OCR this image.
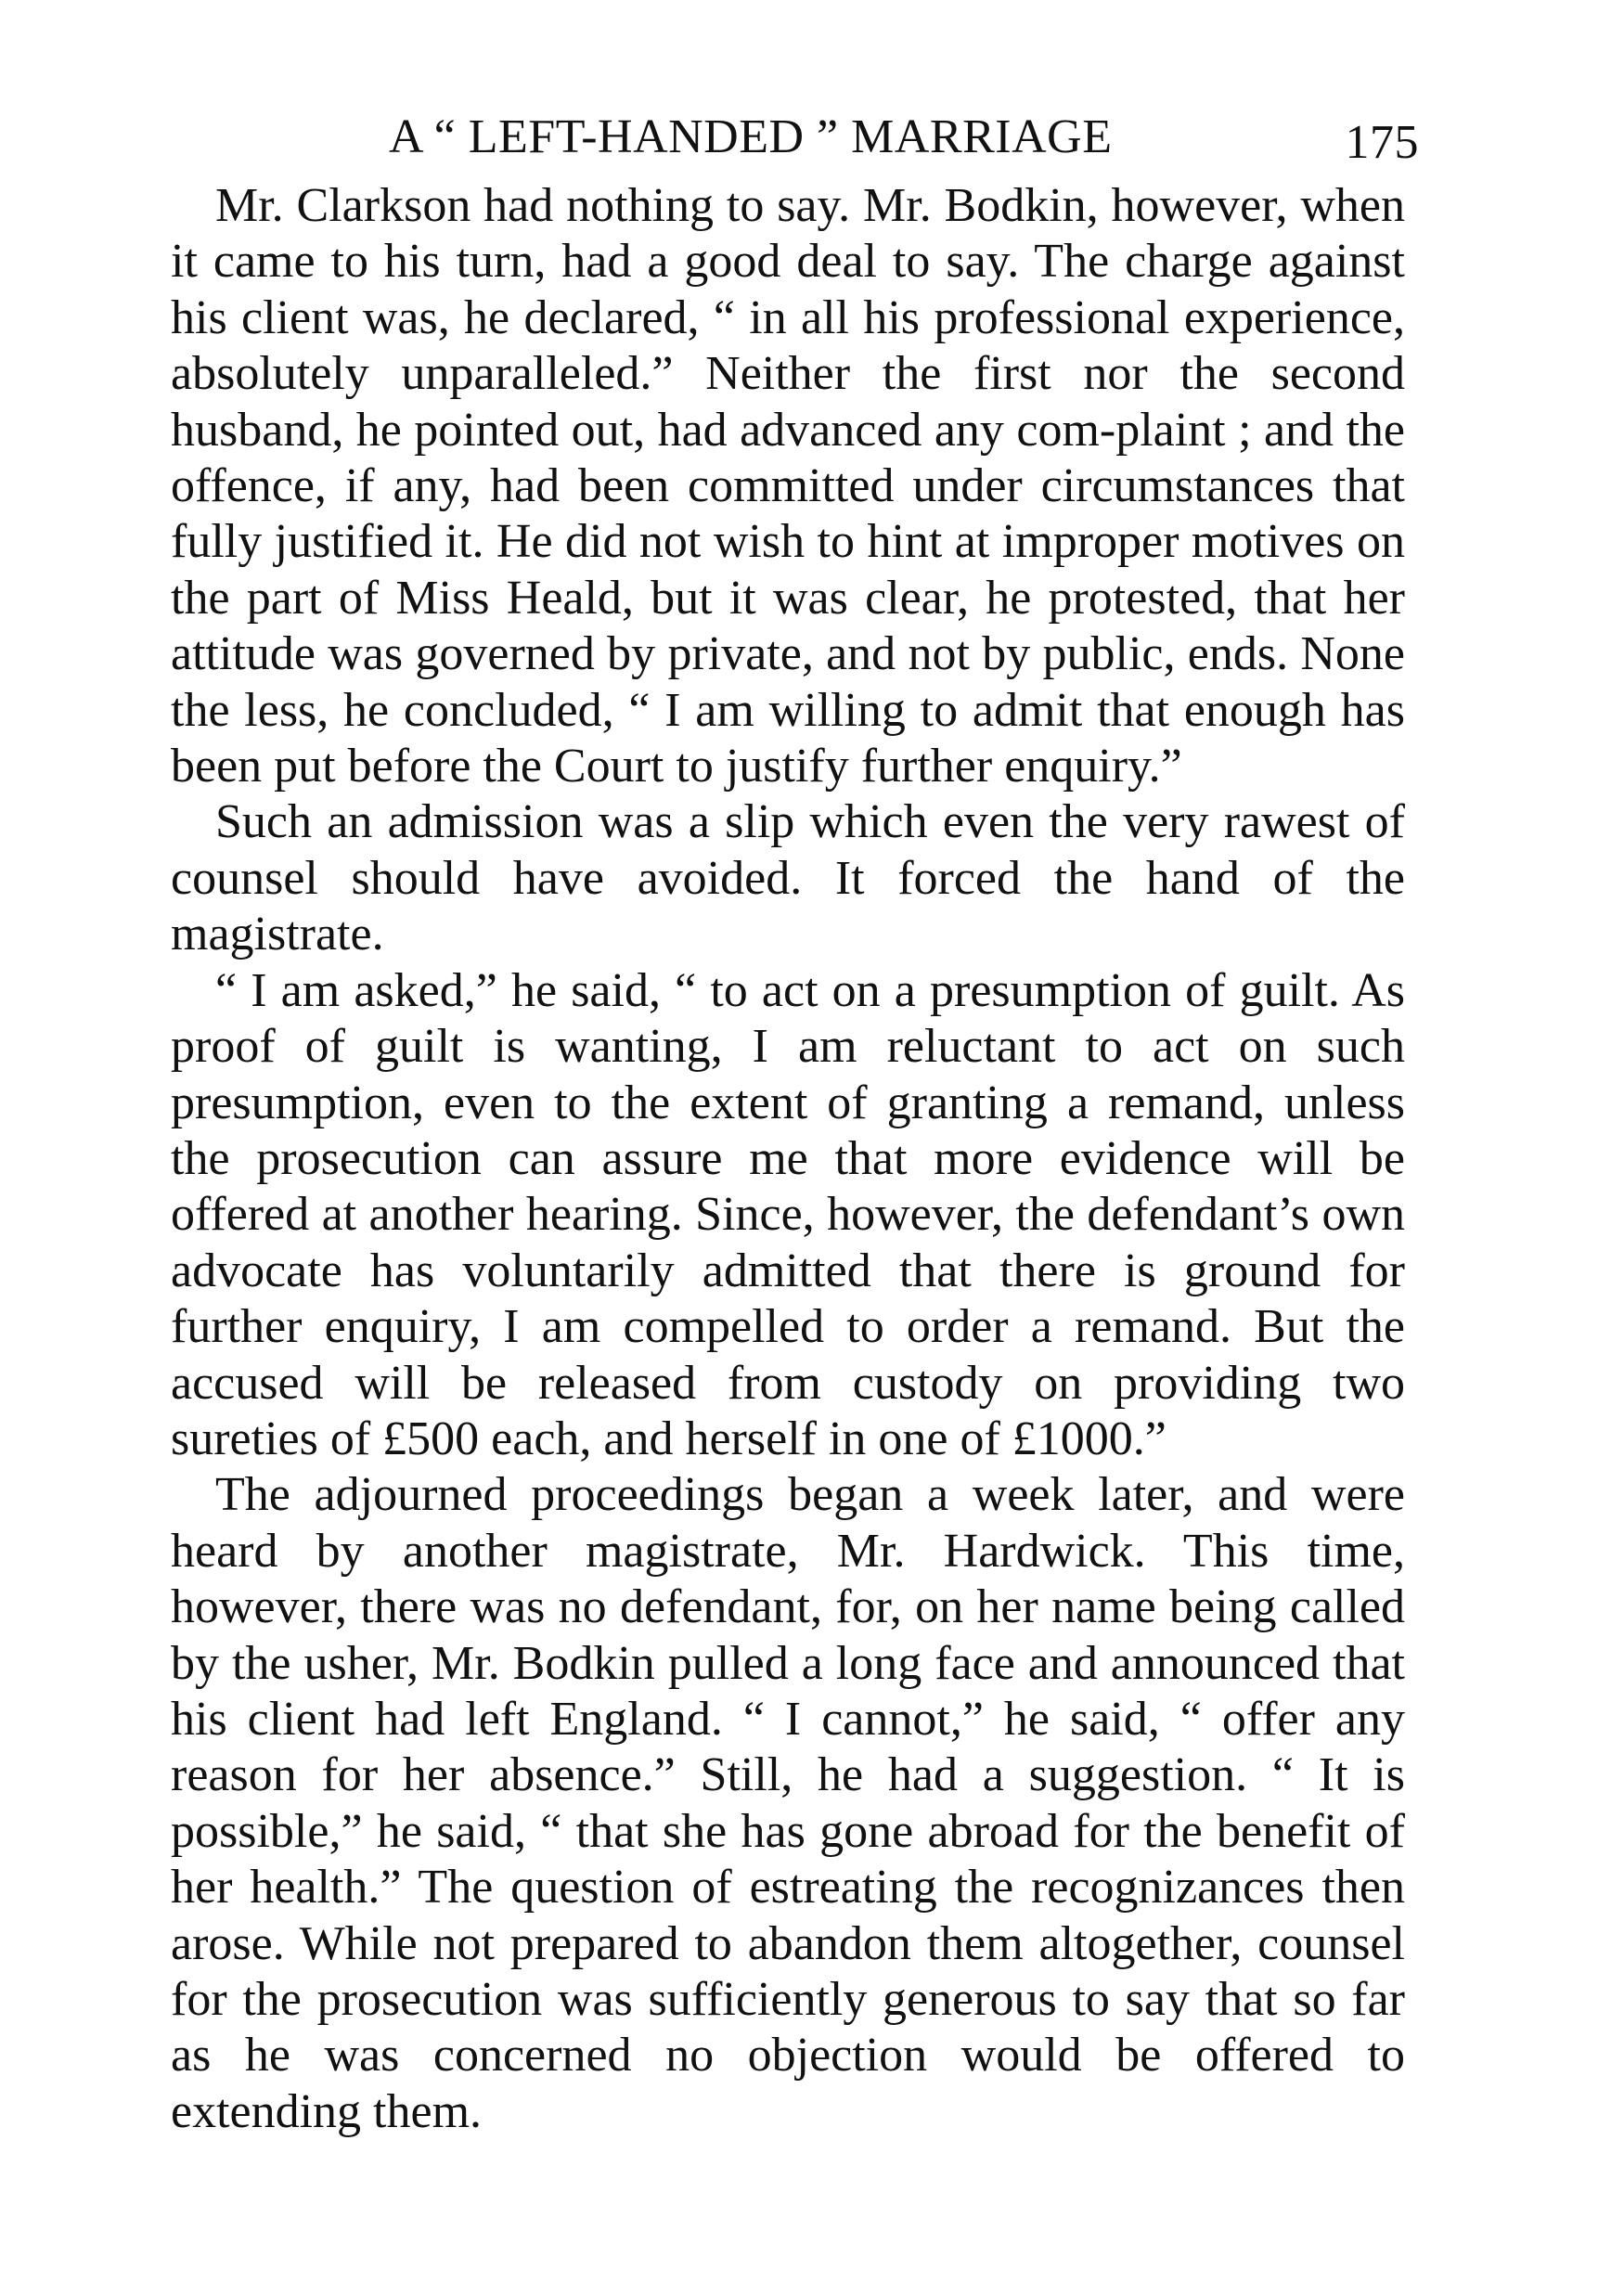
A “ LEFT-HANDED ” MARRIAGE	175

Mr. Clarkson had nothing to say. Mr. Bodkin, however, when it came to his turn, had a good deal to say. The charge against his client was, he declared, “ in all his professional experience, absolutely unparalleled.” Neither the first nor the second husband, he pointed out, had advanced any com-plaint ; and the offence, if any, had been committed under circumstances that fully justified it. He did not wish to hint at improper motives on the part of Miss Heald, but it was clear, he protested, that her attitude was governed by private, and not by public, ends. None the less, he concluded, “ I am willing to admit that enough has been put before the Court to justify further enquiry.”

Such an admission was a slip which even the very rawest of counsel should have avoided. It forced the hand of the magistrate.

“ I am asked,” he said, “ to act on a presumption of guilt. As proof of guilt is wanting, I am reluctant to act on such presumption, even to the extent of granting a remand, unless the prosecution can assure me that more evidence will be offered at another hearing. Since, however, the defendant’s own advocate has voluntarily admitted that there is ground for further enquiry, I am compelled to order a remand. But the accused will be released from custody on providing two sureties of £500 each, and herself in one of £1000.”

The adjourned proceedings began a week later, and were heard by another magistrate, Mr. Hardwick. This time, however, there was no defendant, for, on her name being called by the usher, Mr. Bodkin pulled a long face and announced that his client had left England. “ I cannot,” he said, “ offer any reason for her absence.” Still, he had a suggestion. “ It is possible,” he said, “ that she has gone abroad for the benefit of her health.” The question of estreating the recognizances then arose. While not prepared to abandon them altogether, counsel for the prosecution was sufficiently generous to say that so far as he was concerned no objection would be offered to extending them.
